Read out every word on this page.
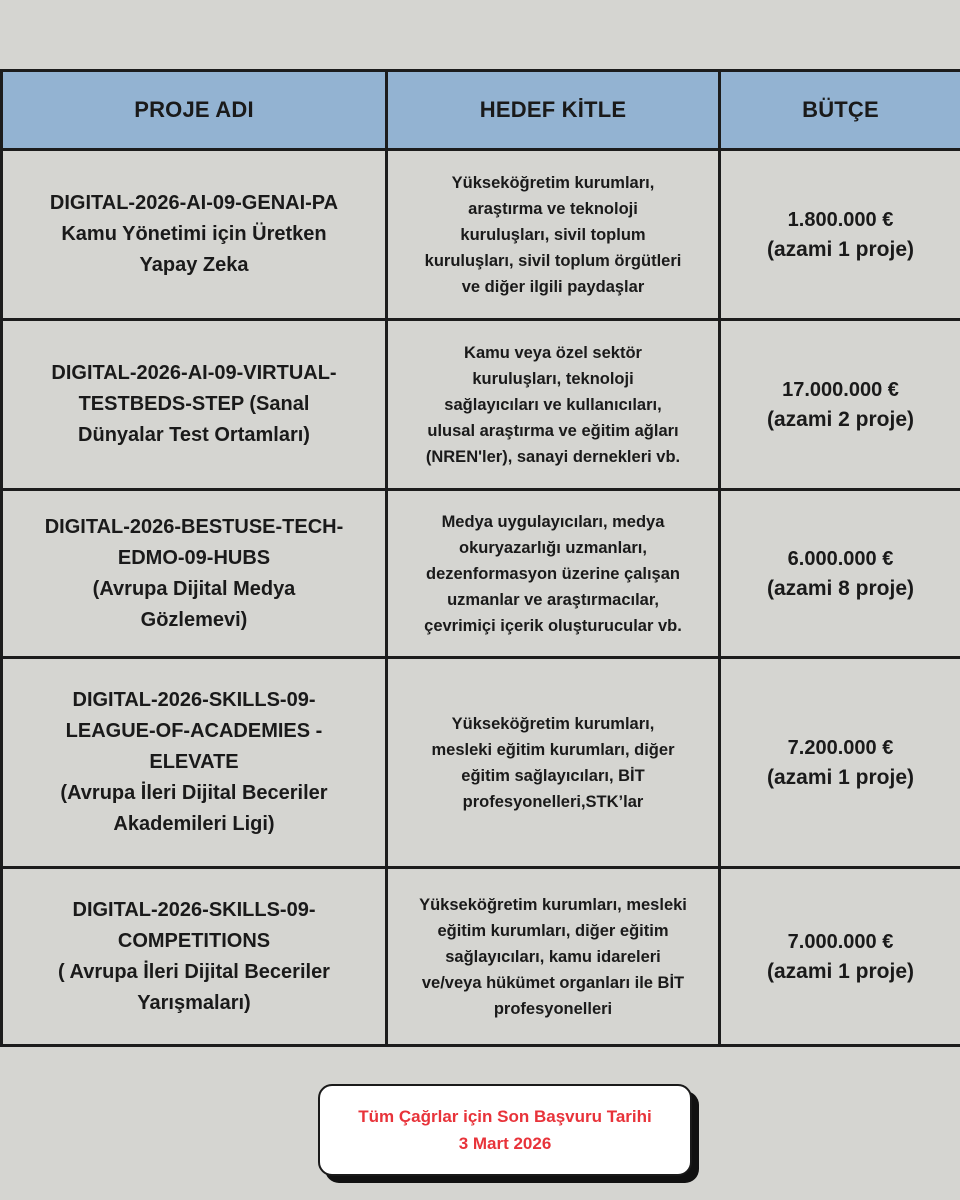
PROJE ADI	HEDEF KİTLE	BÜTÇE

DIGITAL-2026-AI-09-GENAI-PA
Kamu Yönetimi için Üretken
Yapay Zeka	Yükseköğretim kurumları,
araştırma ve teknoloji
kuruluşları, sivil toplum
kuruluşları, sivil toplum örgütleri
ve diğer ilgili paydaşlar	1.800.000 €
(azami 1 proje)

DIGITAL-2026-AI-09-VIRTUAL-
TESTBEDS-STEP (Sanal
Dünyalar Test Ortamları)	Kamu veya özel sektör
kuruluşları, teknoloji
sağlayıcıları ve kullanıcıları,
ulusal araştırma ve eğitim ağları
(NREN'ler), sanayi dernekleri vb.	17.000.000 €
(azami 2 proje)

DIGITAL-2026-BESTUSE-TECH-
EDMO-09-HUBS
(Avrupa Dijital Medya
Gözlemevi)	Medya uygulayıcıları, medya
okuryazarlığı uzmanları,
dezenformasyon üzerine çalışan
uzmanlar ve araştırmacılar,
çevrimiçi içerik oluşturucular vb.	6.000.000 €
(azami 8 proje)

DIGITAL-2026-SKILLS-09-
LEAGUE-OF-ACADEMIES -
ELEVATE
(Avrupa İleri Dijital Beceriler
Akademileri Ligi)	Yükseköğretim kurumları,
mesleki eğitim kurumları, diğer
eğitim sağlayıcıları, BİT
profesyonelleri,STK’lar	7.200.000 €
(azami 1 proje)

DIGITAL-2026-SKILLS-09-
COMPETITIONS
( Avrupa İleri Dijital Beceriler
Yarışmaları)	Yükseköğretim kurumları, mesleki
eğitim kurumları, diğer eğitim
sağlayıcıları, kamu idareleri
ve/veya hükümet organları ile BİT
profesyonelleri	7.000.000 €
(azami 1 proje)
Tüm Çağrlar için Son Başvuru Tarihi
3 Mart 2026
